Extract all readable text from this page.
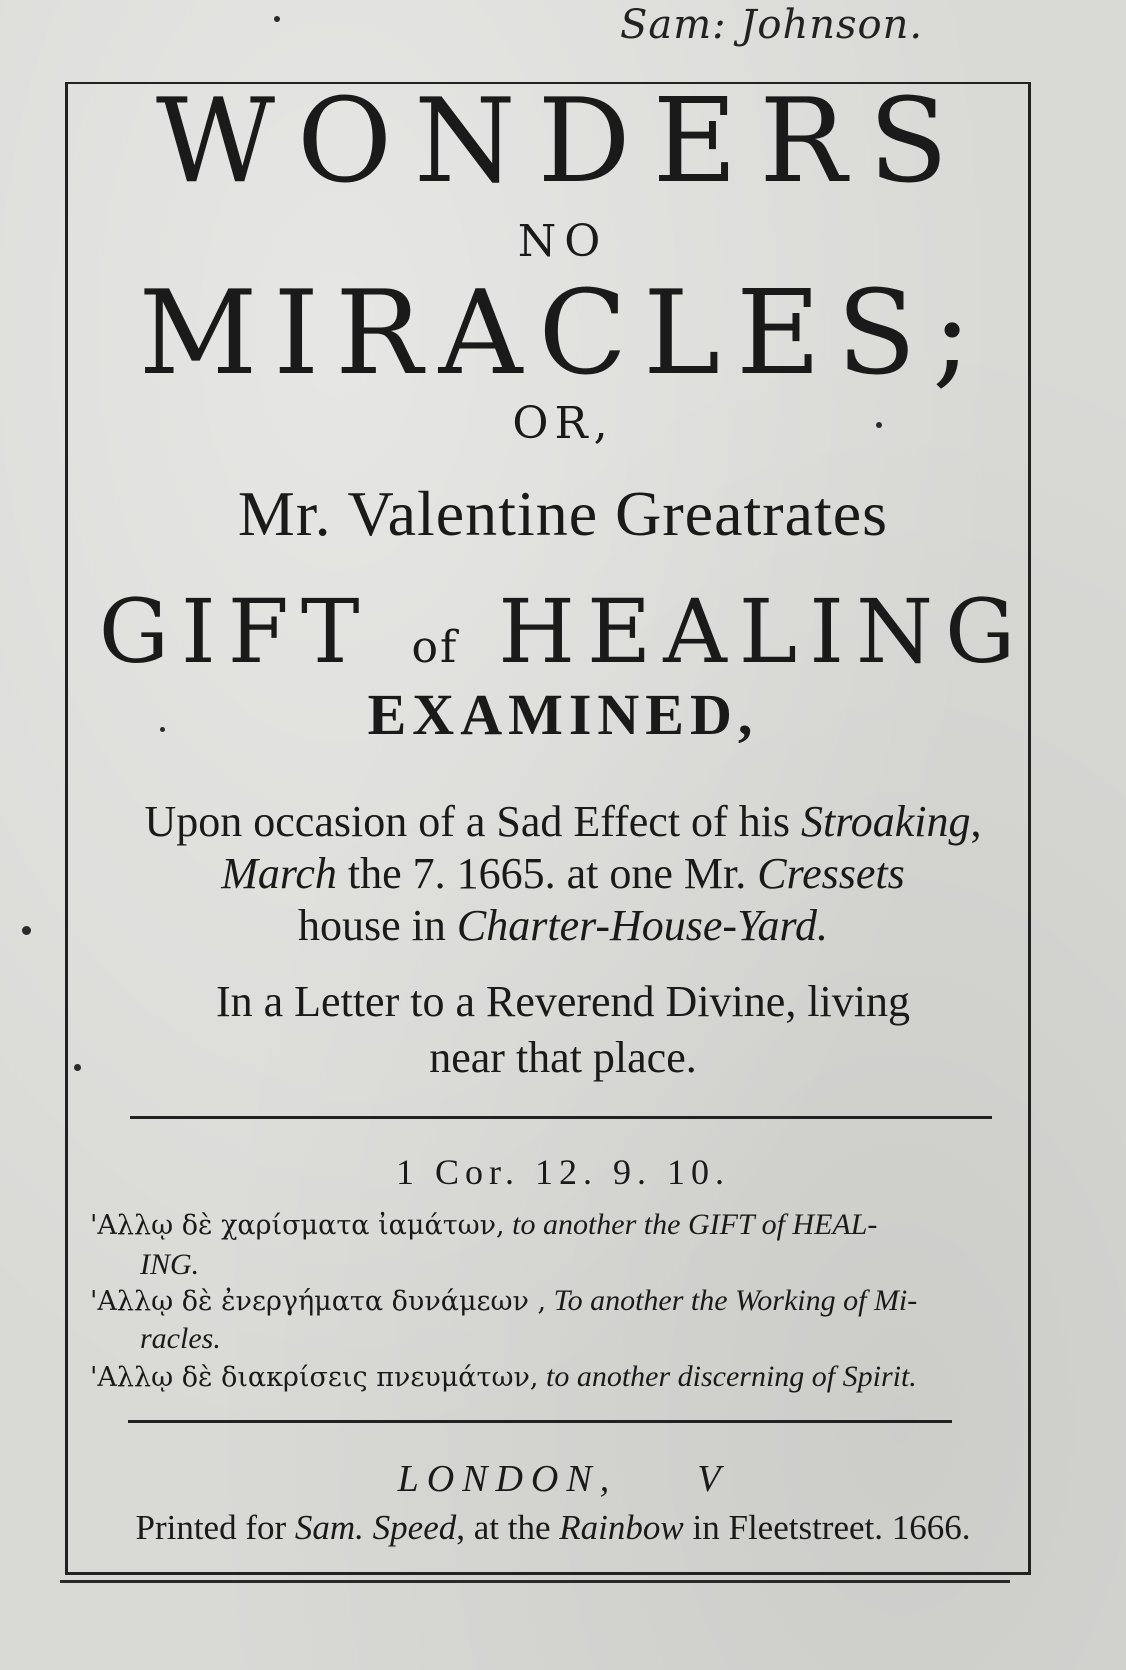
Sam: Johnson.
WONDERS
NO
MIRACLES;
OR,
Mr. Valentine Greatrates
GIFT of HEALING
EXAMINED,
Upon occasion of a Sad Effect of his Stroaking,
March the 7. 1665. at one Mr. Cressets
house in Charter-House-Yard.
In a Letter to a Reverend Divine, living
near that place.
1 Cor. 12. 9. 10.
'Αλλῳ δὲ χαρίσματα ἰαμάτων, to another the GIFT of HEAL-
ING.
'Αλλῳ δὲ ἐνεργήματα δυνάμεων , To another the Working of Mi-
racles.
'Αλλῳ δὲ διακρίσεις πνευμάτων, to another discerning of Spirit.
LONDON, V
Printed for Sam. Speed, at the Rainbow in Fleetstreet. 1666.
